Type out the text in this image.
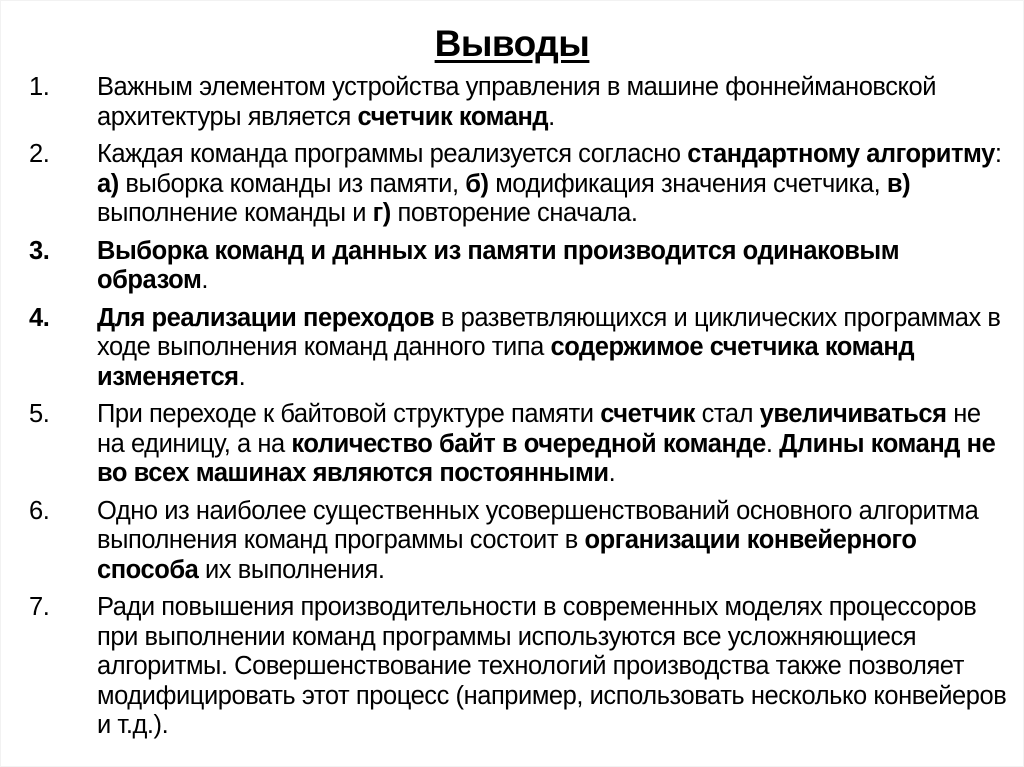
Выводы
1. Важным элементом устройства управления в машине фоннеймановской архитектуры является счетчик команд.
2. Каждая команда программы реализуется согласно стандартному алгоритму: а) выборка команды из памяти, б) модификация значения счетчика, в) выполнение команды и г) повторение сначала.
3. Выборка команд и данных из памяти производится одинаковым образом.
4. Для реализации переходов в разветвляющихся и циклических программах в ходе выполнения команд данного типа содержимое счетчика команд изменяется.
5. При переходе к байтовой структуре памяти счетчик стал увеличиваться не на единицу, а на количество байт в очередной команде. Длины команд не во всех машинах являются постоянными.
6. Одно из наиболее существенных усовершенствований основного алгоритма выполнения команд программы состоит в организации конвейерного способа их выполнения.
7. Ради повышения производительности в современных моделях процессоров при выполнении команд программы используются все усложняющиеся алгоритмы. Совершенствование технологий производства также позволяет модифицировать этот процесс (например, использовать несколько конвейеров и т.д.).
